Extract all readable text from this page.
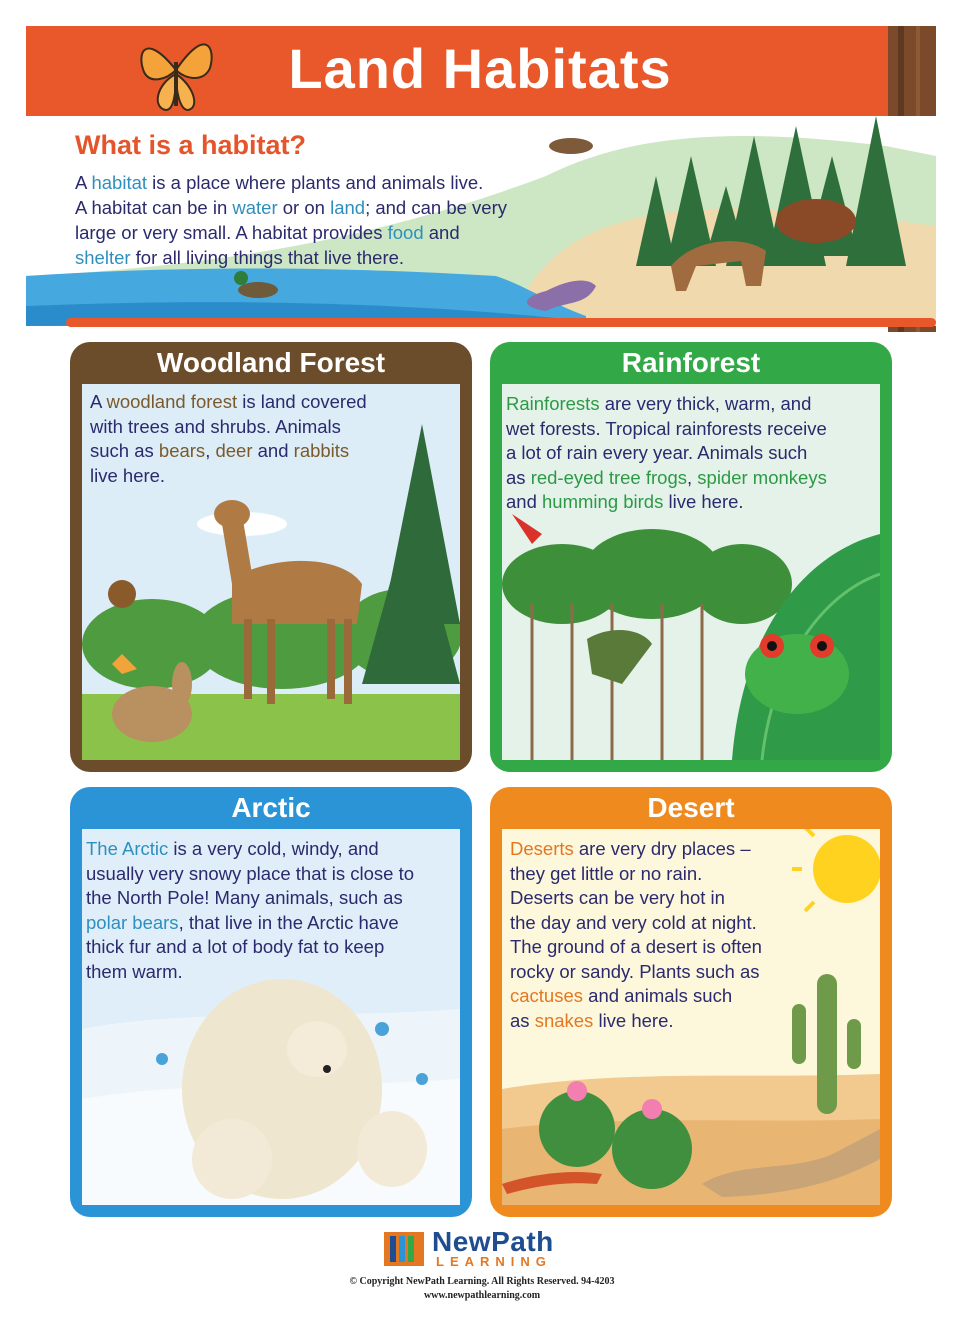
Land Habitats
What is a habitat?
A habitat is a place where plants and animals live.
A habitat can be in water or on land; and can be very
large or very small. A habitat provides food and
shelter for all living things that live there.
Woodland Forest
A woodland forest is land covered
with trees and shrubs. Animals
such as bears, deer and rabbits
live here.
Rainforest
Rainforests are very thick, warm, and
wet forests. Tropical rainforests receive
a lot of rain every year. Animals such
as red-eyed tree frogs, spider monkeys
and humming birds live here.
Arctic
The Arctic is a very cold, windy, and
usually very snowy place that is close to
the North Pole! Many animals, such as
polar bears, that live in the Arctic have
thick fur and a lot of body fat to keep
them warm.
Desert
Deserts are very dry places –
they get little or no rain.
Deserts can be very hot in
the day and very cold at night.
The ground of a desert is often
rocky or sandy. Plants such as
cactuses and animals such
as snakes live here.
NewPath
LEARNING
© Copyright NewPath Learning. All Rights Reserved. 94-4203
www.newpathlearning.com
